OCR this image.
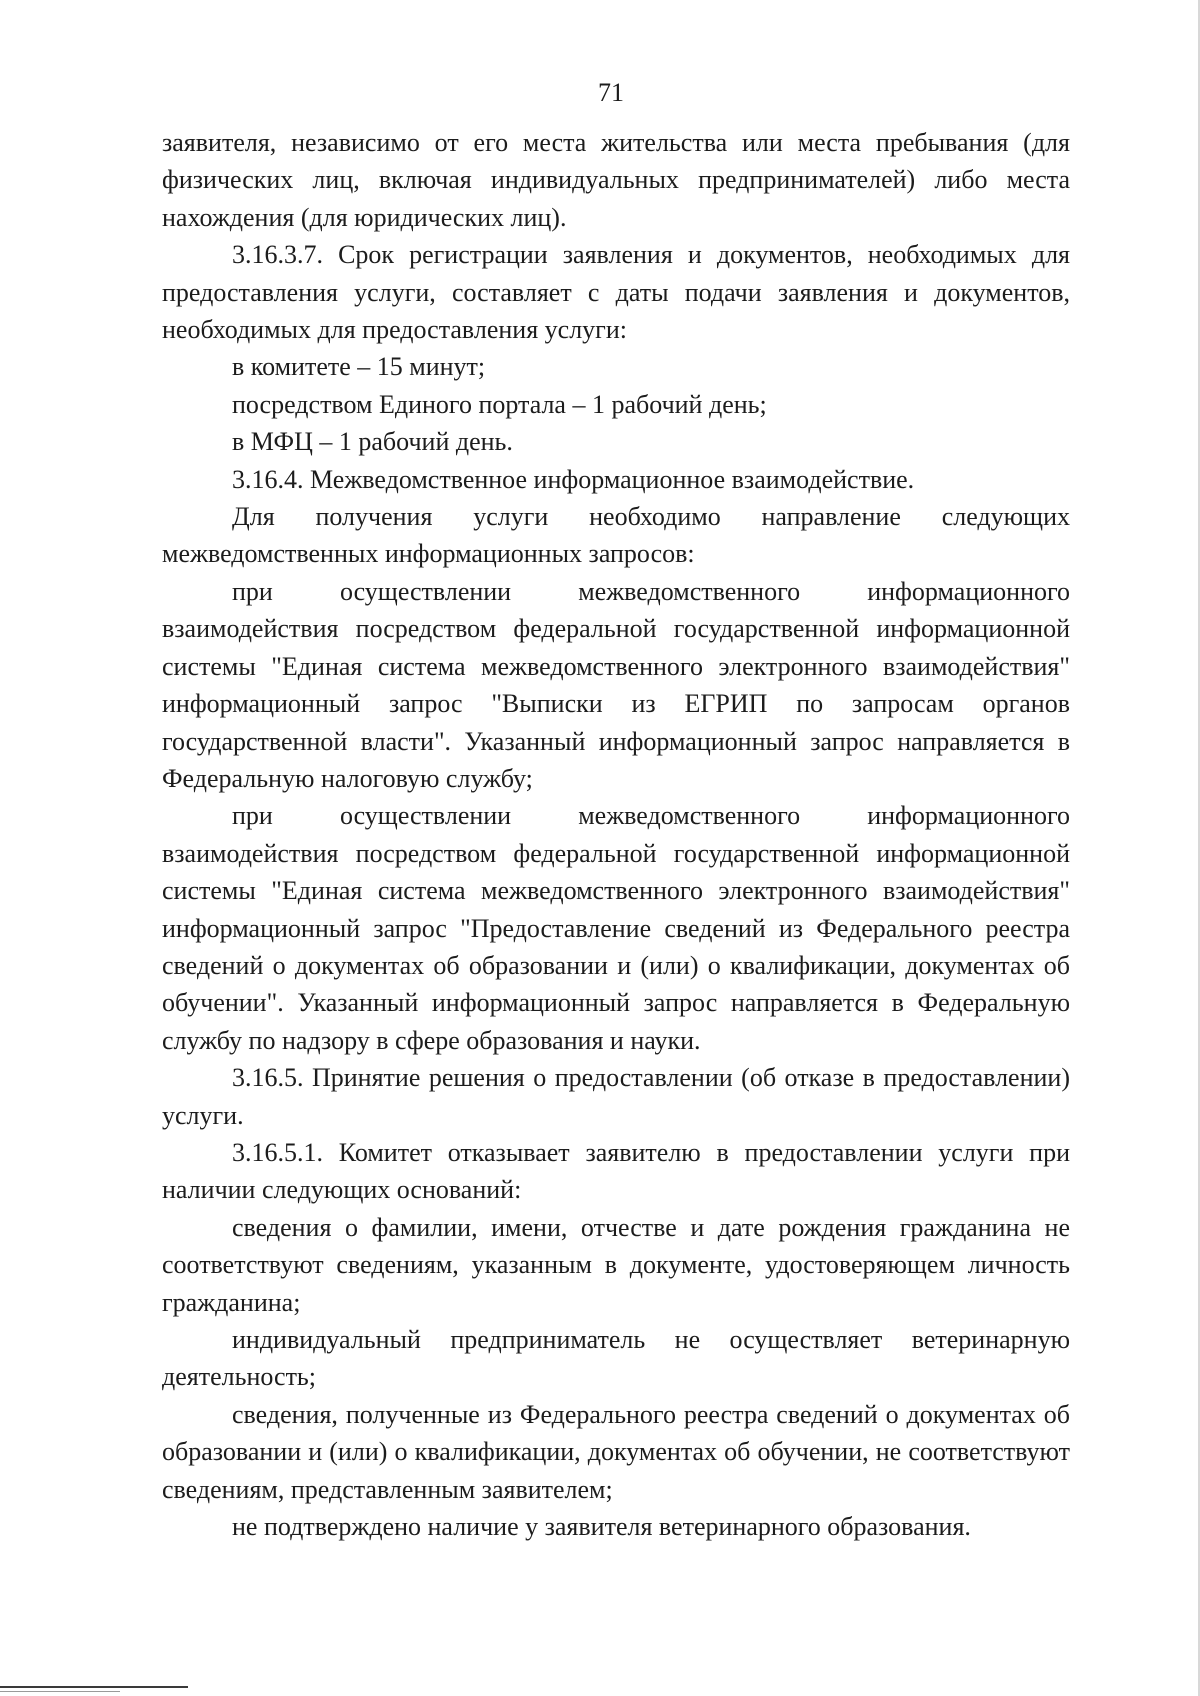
71

заявителя, независимо от его места жительства или места пребывания (для физических лиц, включая индивидуальных предпринимателей) либо места нахождения (для юридических лиц).

3.16.3.7. Срок регистрации заявления и документов, необходимых для предоставления услуги, составляет с даты подачи заявления и документов, необходимых для предоставления услуги:

в комитете – 15 минут;

посредством Единого портала – 1 рабочий день;

в МФЦ – 1 рабочий день.

3.16.4. Межведомственное информационное взаимодействие.

Для получения услуги необходимо направление следующих межведомственных информационных запросов:

при осуществлении межведомственного информационного взаимодействия посредством федеральной государственной информационной системы "Единая система межведомственного электронного взаимодействия" информационный запрос "Выписки из ЕГРИП по запросам органов государственной власти". Указанный информационный запрос направляется в Федеральную налоговую службу;

при осуществлении межведомственного информационного взаимодействия посредством федеральной государственной информационной системы "Единая система межведомственного электронного взаимодействия" информационный запрос "Предоставление сведений из Федерального реестра сведений о документах об образовании и (или) о квалификации, документах об обучении". Указанный информационный запрос направляется в Федеральную службу по надзору в сфере образования и науки.

3.16.5. Принятие решения о предоставлении (об отказе в предоставлении) услуги.

3.16.5.1. Комитет отказывает заявителю в предоставлении услуги при наличии следующих оснований:

сведения о фамилии, имени, отчестве и дате рождения гражданина не соответствуют сведениям, указанным в документе, удостоверяющем личность гражданина;

индивидуальный предприниматель не осуществляет ветеринарную деятельность;

сведения, полученные из Федерального реестра сведений о документах об образовании и (или) о квалификации, документах об обучении, не соответствуют сведениям, представленным заявителем;

не подтверждено наличие у заявителя ветеринарного образования.
